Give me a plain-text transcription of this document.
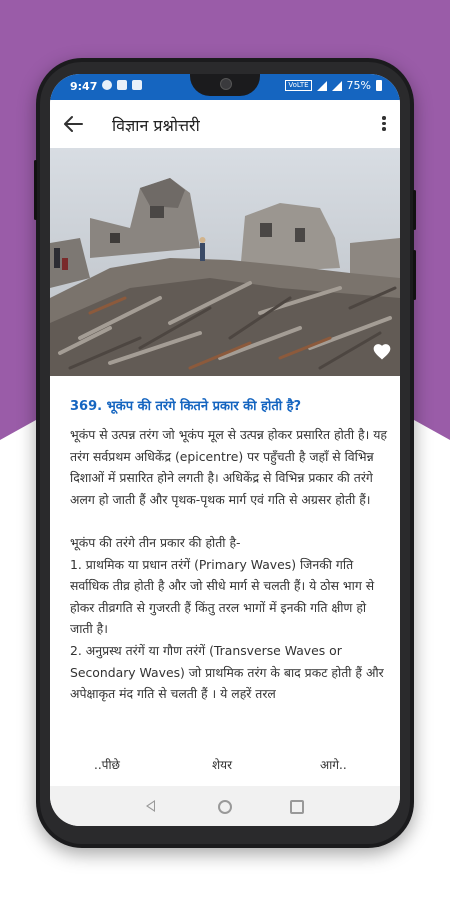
9:47	VoLTE	75%
विज्ञान प्रश्नोत्तरी
369. भूकंप की तरंगे कितने प्रकार की होती है?
भूकंप से उत्पन्न तरंग जो भूकंप मूल से उत्पन्न होकर प्रसारित होती है। यह तरंग सर्वप्रथम अधिकेंद्र (epicentre) पर पहुँचती है जहाँ से विभिन्न दिशाओं में प्रसारित होने लगती है। अधिकेंद्र से विभिन्न प्रकार की तरंगे अलग हो जाती हैं और पृथक-पृथक मार्ग एवं गति से अग्रसर होती हैं।

भूकंप की तरंगे तीन प्रकार की होती है-
1. प्राथमिक या प्रधान तरंगें (Primary Waves) जिनकी गति सर्वाधिक तीव्र होती है और जो सीधे मार्ग से चलती हैं। ये ठोस भाग से होकर तीव्रगति से गुजरती हैं किंतु तरल भागों में इनकी गति क्षीण हो जाती है।
2. अनुप्रस्थ तरंगें या गौण तरंगें (Transverse Waves or Secondary Waves) जो प्राथमिक तरंग के बाद प्रकट होती हैं और अपेक्षाकृत मंद गति से चलती हैं । ये लहरें तरल
..पीछे	शेयर	आगे..
